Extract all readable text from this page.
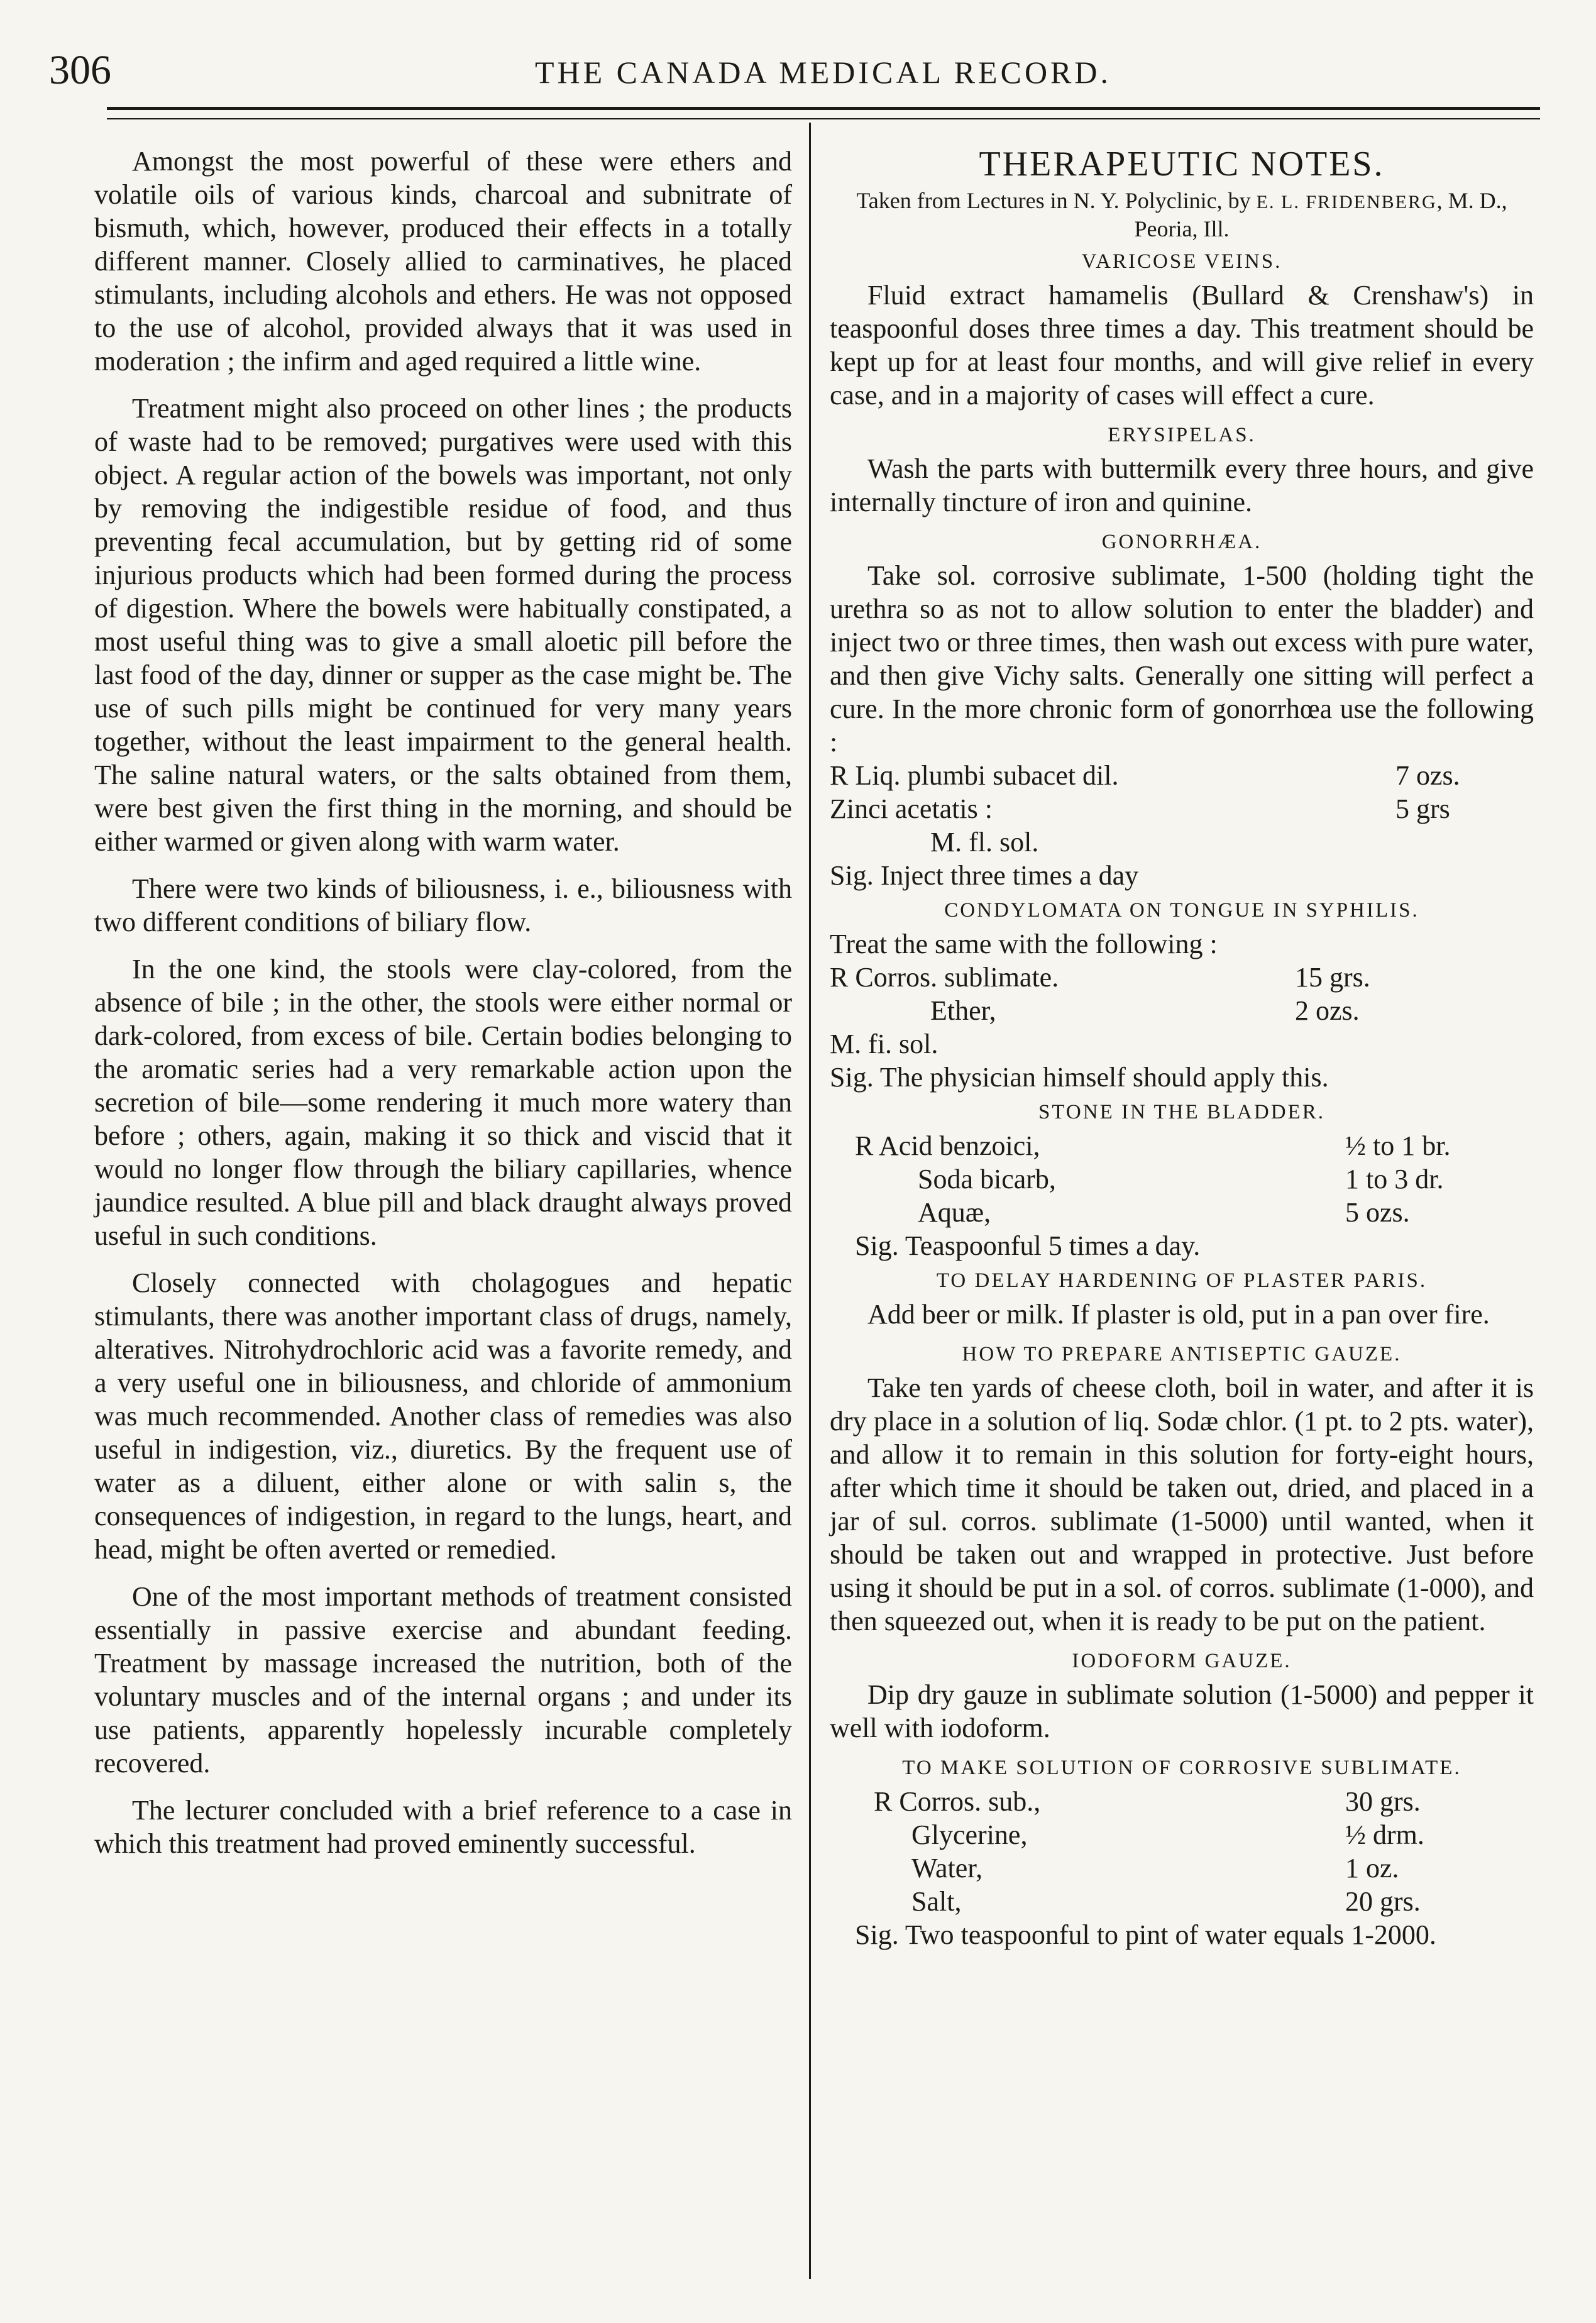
306	THE CANADA MEDICAL RECORD.

Amongst the most powerful of these were ethers and volatile oils of various kinds, charcoal and subnitrate of bismuth, which, however, produced their effects in a totally different manner. Closely allied to carminatives, he placed stimulants, including alcohols and ethers. He was not opposed to the use of alcohol, provided always that it was used in moderation ; the infirm and aged required a little wine.

Treatment might also proceed on other lines ; the products of waste had to be removed; purgatives were used with this object. A regular action of the bowels was important, not only by removing the indigestible residue of food, and thus preventing fecal accumulation, but by getting rid of some injurious products which had been formed during the process of digestion. Where the bowels were habitually constipated, a most useful thing was to give a small aloetic pill before the last food of the day, dinner or supper as the case might be. The use of such pills might be continued for very many years together, without the least impairment to the general health. The saline natural waters, or the salts obtained from them, were best given the first thing in the morning, and should be either warmed or given along with warm water.

There were two kinds of biliousness, i. e., biliousness with two different conditions of biliary flow.

In the one kind, the stools were clay-colored, from the absence of bile ; in the other, the stools were either normal or dark-colored, from excess of bile. Certain bodies belonging to the aromatic series had a very remarkable action upon the secretion of bile—some rendering it much more watery than before ; others, again, making it so thick and viscid that it would no longer flow through the biliary capillaries, whence jaundice resulted. A blue pill and black draught always proved useful in such conditions.

Closely connected with cholagogues and hepatic stimulants, there was another important class of drugs, namely, alteratives. Nitrohydrochloric acid was a favorite remedy, and a very useful one in biliousness, and chloride of ammonium was much recommended. Another class of remedies was also useful in indigestion, viz., diuretics. By the frequent use of water as a diluent, either alone or with salin s, the consequences of indigestion, in regard to the lungs, heart, and head, might be often averted or remedied.

One of the most important methods of treatment consisted essentially in passive exercise and abundant feeding. Treatment by massage increased the nutrition, both of the voluntary muscles and of the internal organs ; and under its use patients, apparently hopelessly incurable completely recovered.

The lecturer concluded with a brief reference to a case in which this treatment had proved eminently successful.

THERAPEUTIC NOTES.
Taken from Lectures in N. Y. Polyclinic, by E. L. FRIDENBERG, M. D., Peoria, Ill.
VARICOSE VEINS.

Fluid extract hamamelis (Bullard & Crenshaw's) in teaspoonful doses three times a day. This treatment should be kept up for at least four months, and will give relief in every case, and in a majority of cases will effect a cure.

ERYSIPELAS.

Wash the parts with buttermilk every three hours, and give internally tincture of iron and quinine.

GONORRHÆA.

Take sol. corrosive sublimate, 1-500 (holding tight the urethra so as not to allow solution to enter the bladder) and inject two or three times, then wash out excess with pure water, and then give Vichy salts. Generally one sitting will perfect a cure. In the more chronic form of gonorrhœa use the following :

R Liq. plumbi subacet dil.	7 ozs.
Zinci acetatis :	5 grs
M. fl. sol.
Sig. Inject three times a day
CONDYLOMATA ON TONGUE IN SYPHILIS.
Treat the same with the following :
R Corros. sublimate.	15 grs.
Ether,	2 ozs.
M. fi. sol.
Sig. The physician himself should apply this.
STONE IN THE BLADDER.
R Acid benzoici,	½ to 1 br.
Soda bicarb,	1 to 3 dr.
Aquæ,	5 ozs.
Sig. Teaspoonful 5 times a day.
TO DELAY HARDENING OF PLASTER PARIS.

Add beer or milk. If plaster is old, put in a pan over fire.

HOW TO PREPARE ANTISEPTIC GAUZE.

Take ten yards of cheese cloth, boil in water, and after it is dry place in a solution of liq. Sodæ chlor. (1 pt. to 2 pts. water), and allow it to remain in this solution for forty-eight hours, after which time it should be taken out, dried, and placed in a jar of sul. corros. sublimate (1-5000) until wanted, when it should be taken out and wrapped in protective. Just before using it should be put in a sol. of corros. sublimate (1-000), and then squeezed out, when it is ready to be put on the patient.

IODOFORM GAUZE.

Dip dry gauze in sublimate solution (1-5000) and pepper it well with iodoform.

TO MAKE SOLUTION OF CORROSIVE SUBLIMATE.
R Corros. sub.,	30 grs.
Glycerine,	½ drm.
Water,	1 oz.
Salt,	20 grs.
Sig. Two teaspoonful to pint of water equals 1-2000.
